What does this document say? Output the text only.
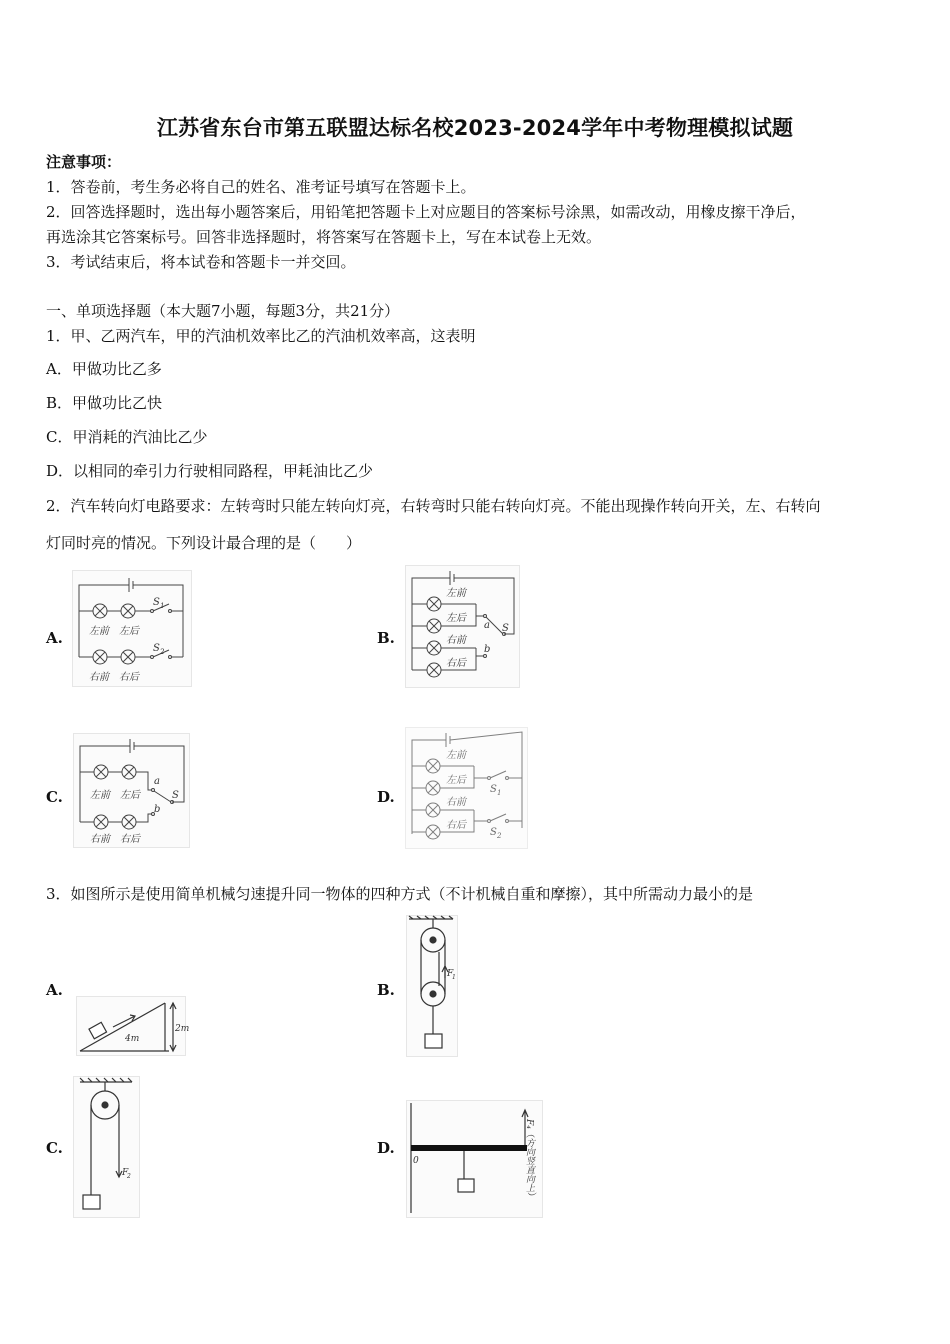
江苏省东台市第五联盟达标名校2023-2024学年中考物理模拟试题
注意事项：
1．答卷前，考生务必将自己的姓名、准考证号填写在答题卡上。
2．回答选择题时，选出每小题答案后，用铅笔把答题卡上对应题目的答案标号涂黑，如需改动，用橡皮擦干净后，
再选涂其它答案标号。回答非选择题时，将答案写在答题卡上，写在本试卷上无效。
3．考试结束后，将本试卷和答题卡一并交回。
一、单项选择题（本大题7小题，每题3分，共21分）
1．甲、乙两汽车，甲的汽油机效率比乙的汽油机效率高，这表明
A．甲做功比乙多
B．甲做功比乙快
C．甲消耗的汽油比乙少
D．以相同的牵引力行驶相同路程，甲耗油比乙少
2．汽车转向灯电路要求：左转弯时只能左转向灯亮，右转弯时只能右转向灯亮。不能出现操作转向开关，左、右转向
灯同时亮的情况。下列设计最合理的是（　　）
A.	B.
C.	D.
左前 左后
S 1
右前 右后
S 2
左前
左后
右前
右后
a
b
S
左前 左后
a
b
S
右前 右后
左前
左后
右前
右后
S 1
S 2
3．如图所示是使用简单机械匀速提升同一物体的四种方式（不计机械自重和摩擦），其中所需动力最小的是
A.	B.
C.	D.
4m
2m
F
1
F
2
0	F₄（方向竖直向上）
